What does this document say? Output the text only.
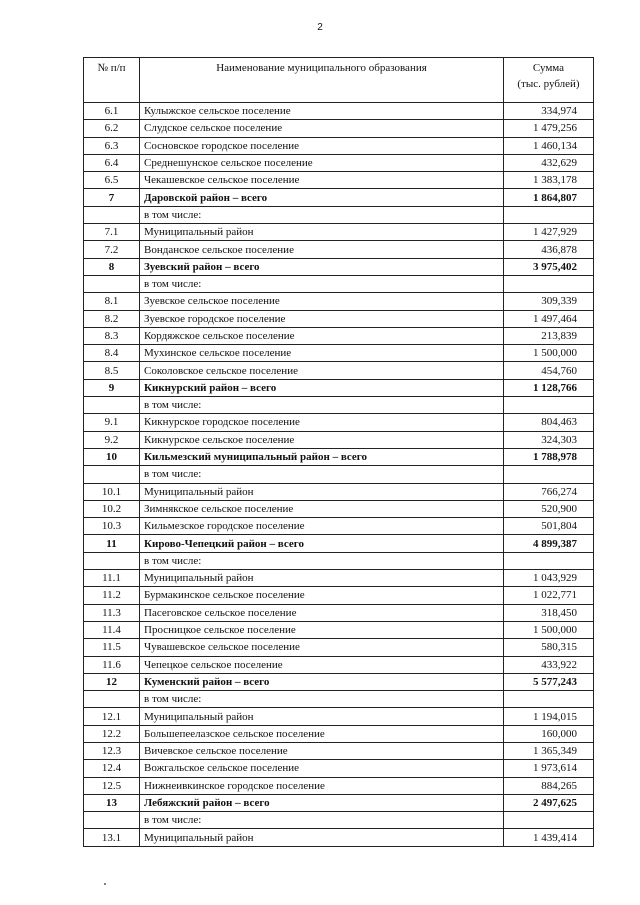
2
№ п/п	Наименование муниципального образования	Сумма
(тыс. рублей)

6.1	Кулыжское сельское поселение	334,974
6.2	Слудское сельское поселение	1 479,256
6.3	Сосновское городское поселение	1 460,134
6.4	Среднешунское сельское поселение	432,629
6.5	Чекашевское сельское поселение	1 383,178
7	Даровской район – всего	1 864,807
	в том числе:	
7.1	Муниципальный район	1 427,929
7.2	Вонданское сельское поселение	436,878
8	Зуевский район – всего	3 975,402
	в том числе:	
8.1	Зуевское сельское поселение	309,339
8.2	Зуевское городское поселение	1 497,464
8.3	Кордяжское сельское поселение	213,839
8.4	Мухинское сельское поселение	1 500,000
8.5	Соколовское сельское поселение	454,760
9	Кикнурский район – всего	1 128,766
	в том числе:	
9.1	Кикнурское городское поселение	804,463
9.2	Кикнурское сельское поселение	324,303
10	Кильмезский муниципальный район – всего	1 788,978
	в том числе:	
10.1	Муниципальный район	766,274
10.2	Зимнякское сельское поселение	520,900
10.3	Кильмезское городское поселение	501,804
11	Кирово-Чепецкий район – всего	4 899,387
	в том числе:	
11.1	Муниципальный район	1 043,929
11.2	Бурмакинское сельское поселение	1 022,771
11.3	Пасеговское сельское поселение	318,450
11.4	Просницкое сельское поселение	1 500,000
11.5	Чувашевское сельское поселение	580,315
11.6	Чепецкое сельское поселение	433,922
12	Куменский район – всего	5 577,243
	в том числе:	
12.1	Муниципальный район	1 194,015
12.2	Большепеелазское сельское поселение	160,000
12.3	Вичевское сельское поселение	1 365,349
12.4	Вожгальское сельское поселение	1 973,614
12.5	Нижнеивкинское городское поселение	884,265
13	Лебяжский район – всего	2 497,625
	в том числе:	
13.1	Муниципальный район	1 439,414
